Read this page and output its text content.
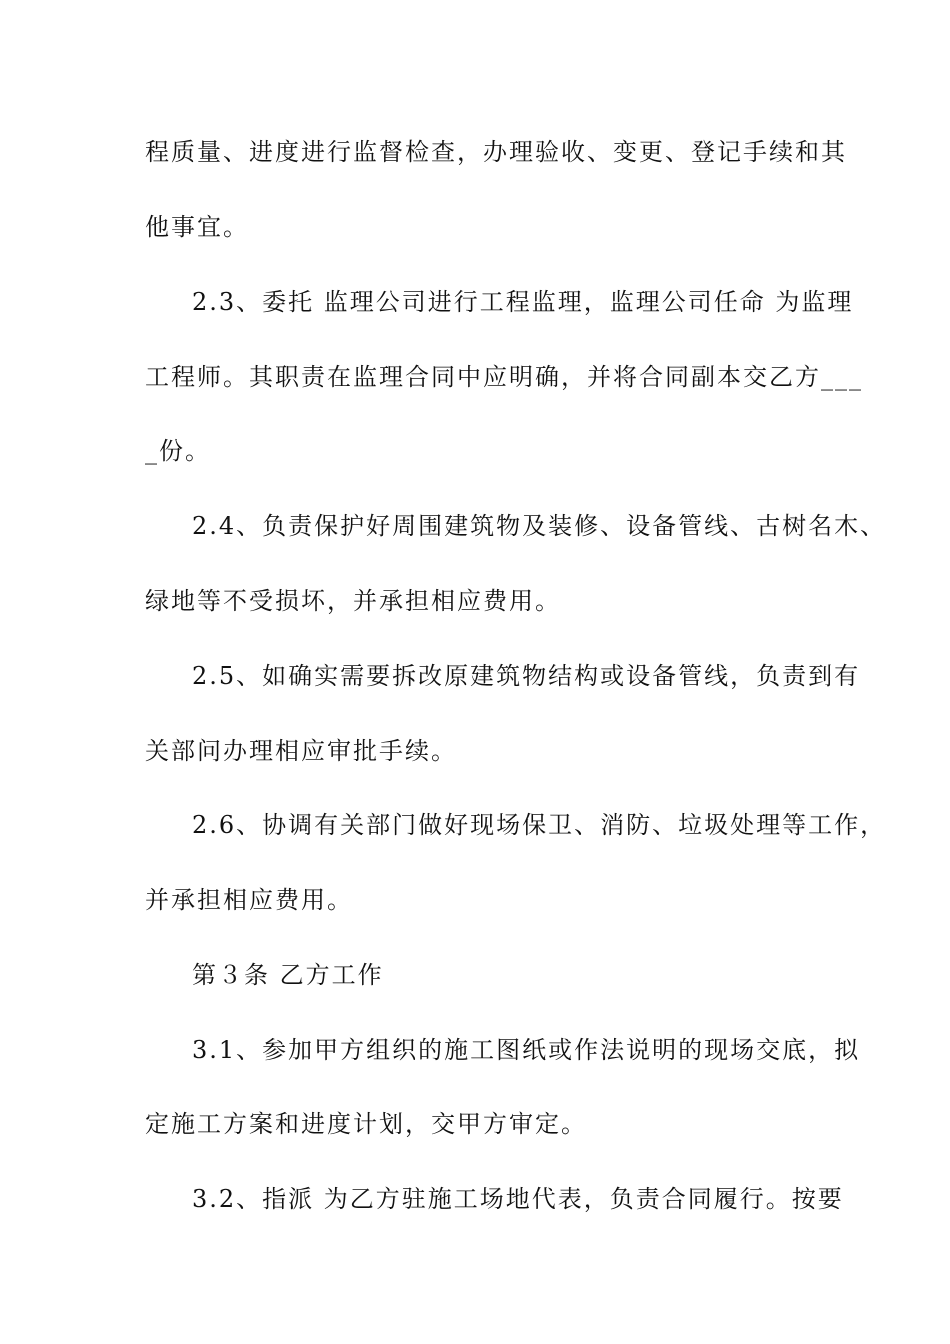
程质量、进度进行监督检查，办理验收、变更、登记手续和其
他事宜。
2.3、委托 监理公司进行工程监理，监理公司任命 为监理
工程师。其职责在监理合同中应明确，并将合同副本交乙方___
_份。
2.4、负责保护好周围建筑物及装修、设备管线、古树名木、
绿地等不受损坏，并承担相应费用。
2.5、如确实需要拆改原建筑物结构或设备管线，负责到有
关部问办理相应审批手续。
2.6、协调有关部门做好现场保卫、消防、垃圾处理等工作，
并承担相应费用。
第３条 乙方工作
3.1、参加甲方组织的施工图纸或作法说明的现场交底，拟
定施工方案和进度计划，交甲方审定。
3.2、指派 为乙方驻施工场地代表，负责合同履行。按要
